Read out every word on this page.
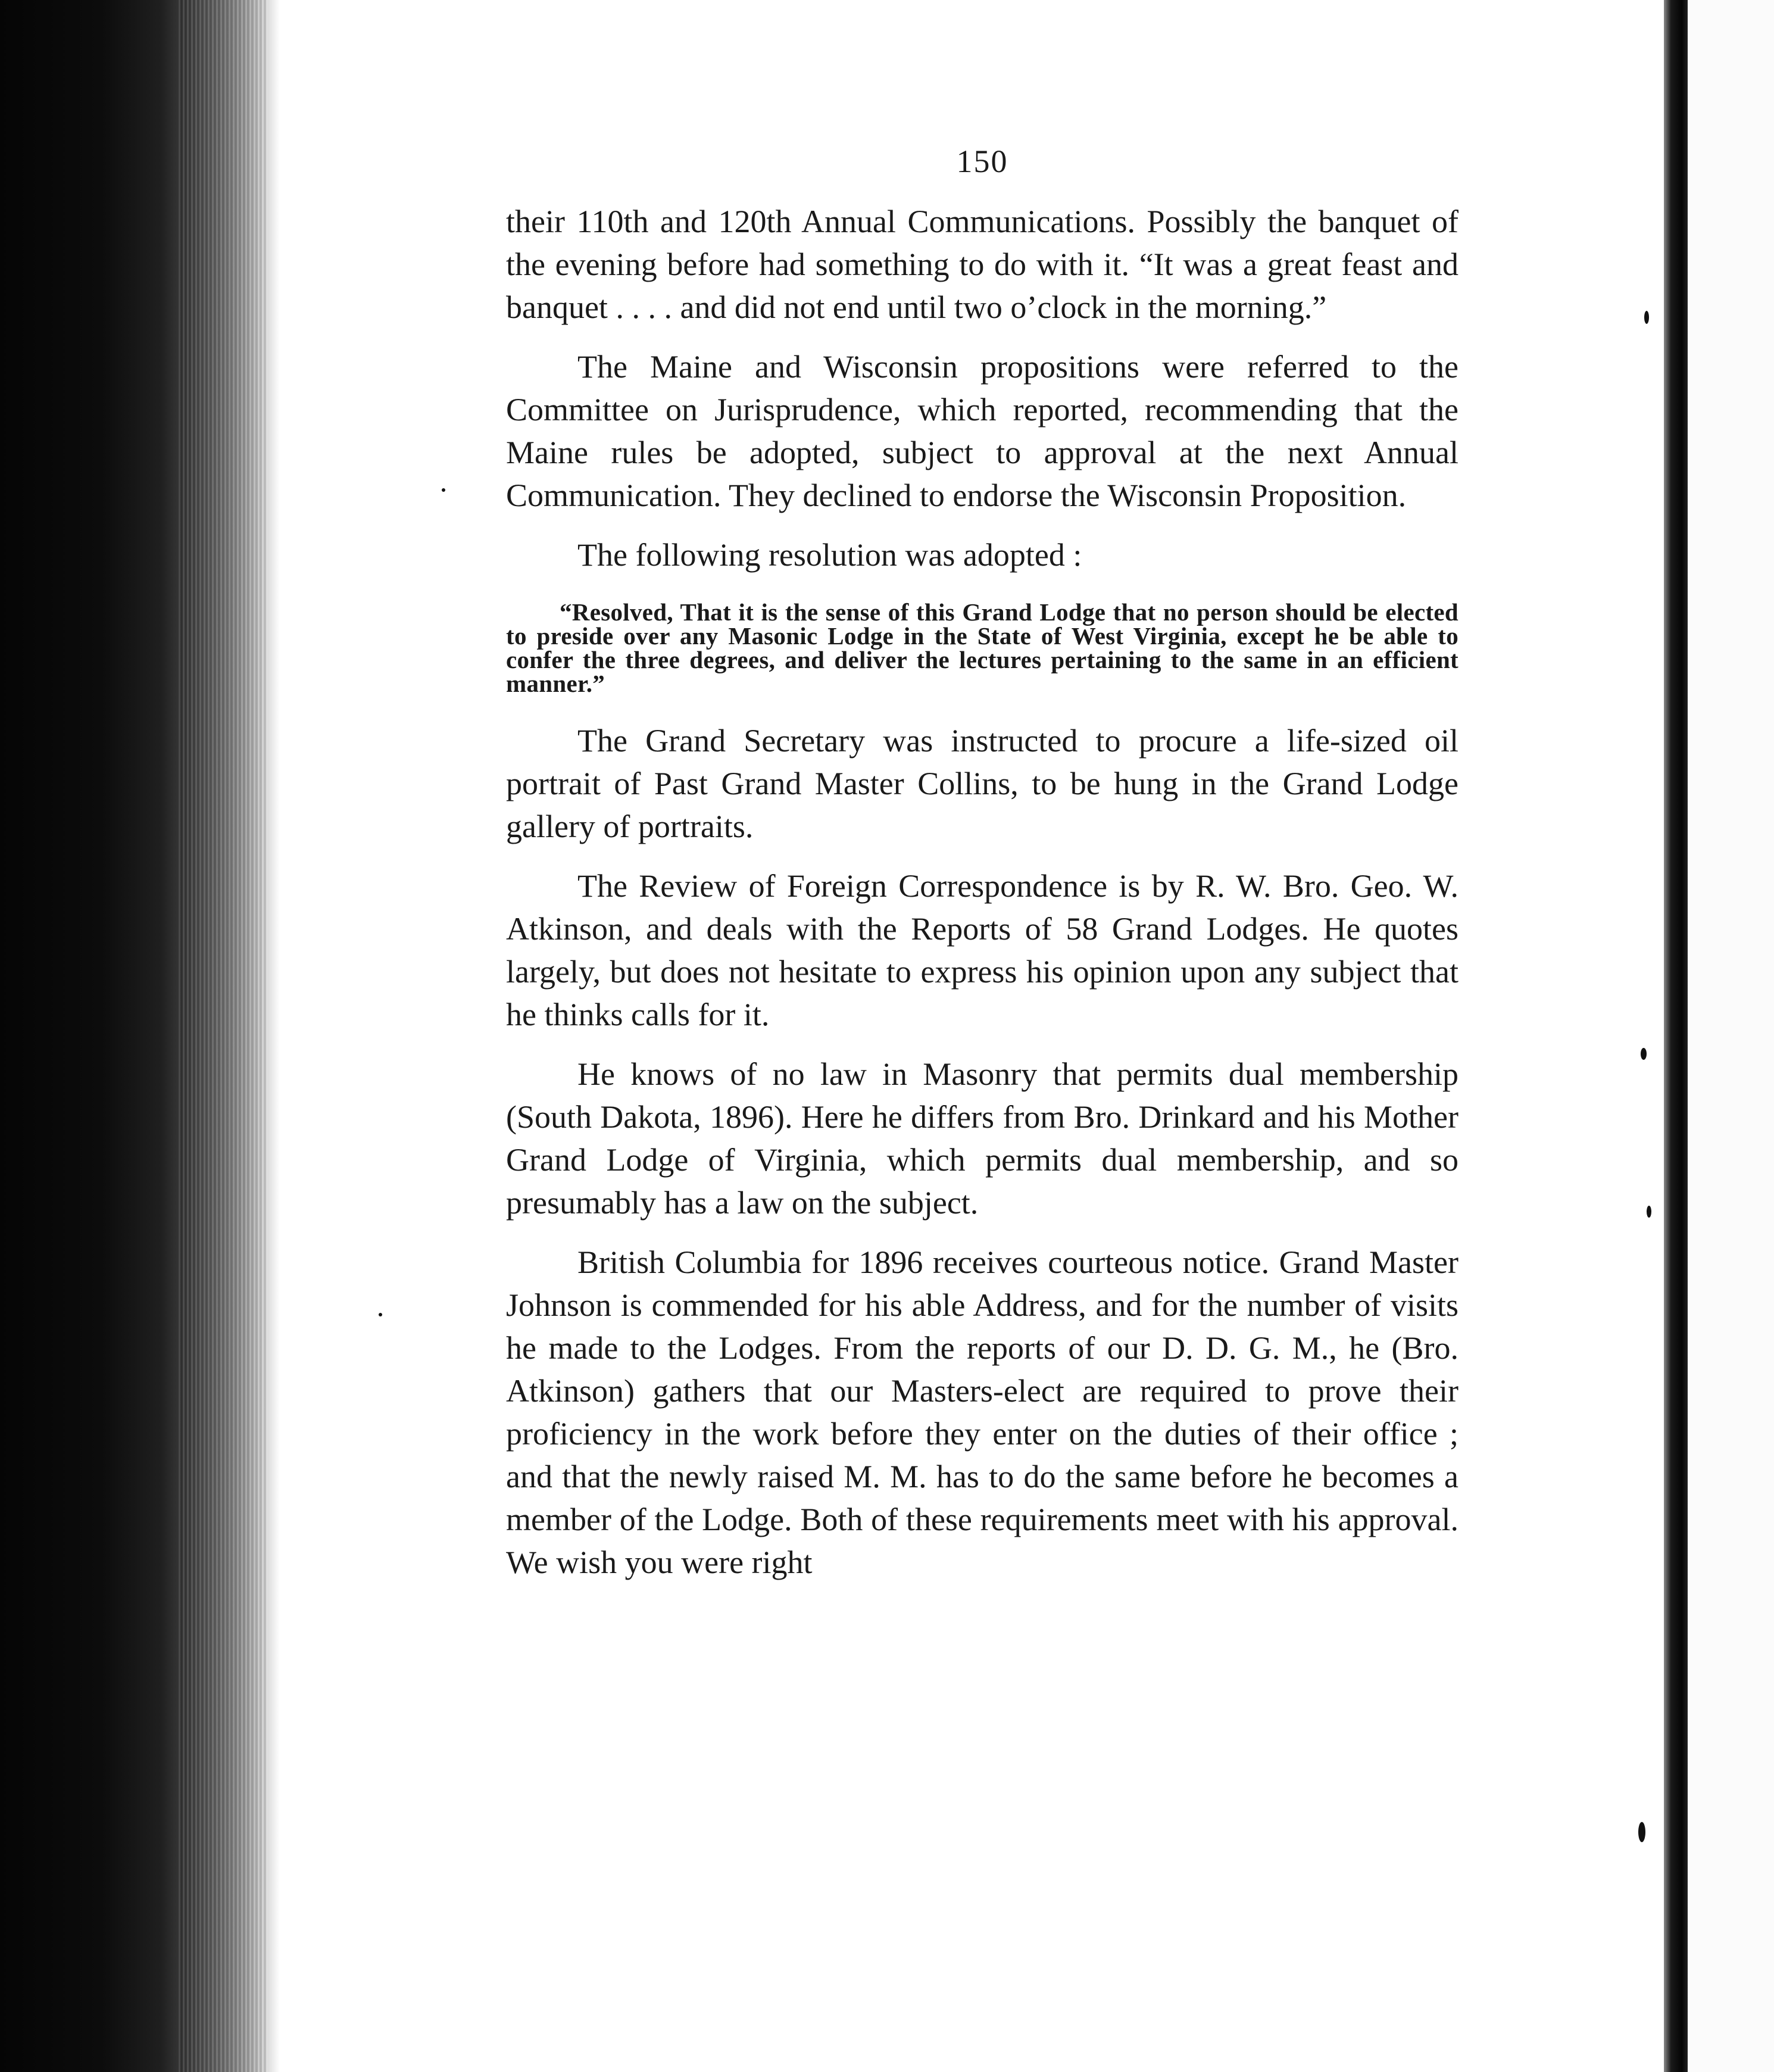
150

their 110th and 120th Annual Communications. Possibly the banquet of the evening before had something to do with it. “It was a great feast and banquet . . . . and did not end until two o’clock in the morning.”

The Maine and Wisconsin propositions were referred to the Committee on Jurisprudence, which reported, recommending that the Maine rules be adopted, subject to approval at the next Annual Communication. They declined to endorse the Wisconsin Proposition.

The following resolution was adopted :

“Resolved, That it is the sense of this Grand Lodge that no person should be elected to preside over any Masonic Lodge in the State of West Virginia, except he be able to confer the three degrees, and deliver the lectures pertaining to the same in an efficient manner.”

The Grand Secretary was instructed to procure a life-sized oil portrait of Past Grand Master Collins, to be hung in the Grand Lodge gallery of portraits.

The Review of Foreign Correspondence is by R. W. Bro. Geo. W. Atkinson, and deals with the Reports of 58 Grand Lodges. He quotes largely, but does not hesitate to express his opinion upon any subject that he thinks calls for it.

He knows of no law in Masonry that permits dual membership (South Dakota, 1896). Here he differs from Bro. Drinkard and his Mother Grand Lodge of Virginia, which permits dual membership, and so presumably has a law on the subject.

British Columbia for 1896 receives courteous notice. Grand Master Johnson is commended for his able Address, and for the number of visits he made to the Lodges. From the reports of our D. D. G. M., he (Bro. Atkinson) gathers that our Masters-elect are required to prove their proficiency in the work before they enter on the duties of their office ; and that the newly raised M. M. has to do the same before he becomes a member of the Lodge. Both of these requirements meet with his approval. We wish you were right
